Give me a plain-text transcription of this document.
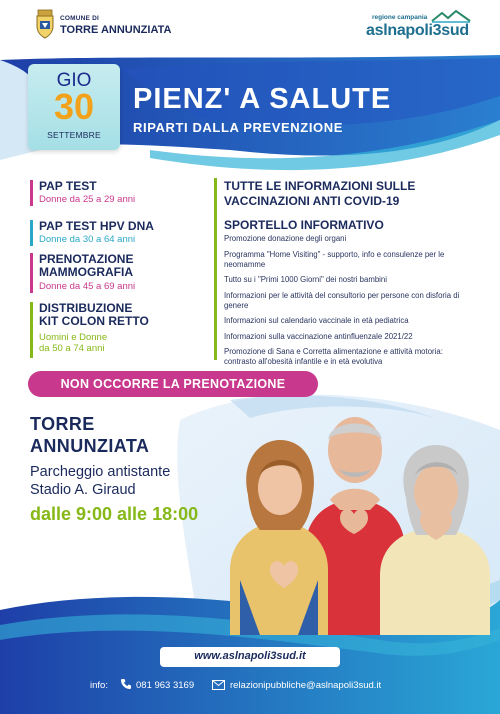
COMUNE DI
TORRE ANNUNZIATA
regione campania
aslnapoli3sud
GIO
30
SETTEMBRE
PIENZ' A SALUTE
RIPARTI DALLA PREVENZIONE
PAP TEST
Donne da 25 a 29 anni
PAP TEST HPV DNA
Donne da 30 a 64 anni
PRENOTAZIONE
MAMMOGRAFIA
Donne da 45 a 69 anni
DISTRIBUZIONE
KIT COLON RETTO
Uomini e Donne
da 50 a 74 anni
TUTTE LE INFORMAZIONI SULLE
VACCINAZIONI ANTI COVID-19
SPORTELLO INFORMATIVO
Promozione donazione degli organi
Programma "Home Visiting" - supporto, info e consulenze per le neomamme
Tutto su i "Primi 1000 Giorni" dei nostri bambini
Informazioni per le attività del consultorio per persone con disforia di genere
Informazioni sul calendario vaccinale in età pediatrica
Informazioni sulla vaccinazione antinfluenzale 2021/22
Promozione di Sana e Corretta alimentazione e attività motoria: contrasto all'obesità infantile e in età evolutiva
NON OCCORRE LA PRENOTAZIONE
TORRE
ANNUNZIATA
Parcheggio antistante
Stadio A. Giraud
dalle 9:00 alle 18:00
www.aslnapoli3sud.it
info:	081 963 3169	relazionipubbliche@aslnapoli3sud.it
